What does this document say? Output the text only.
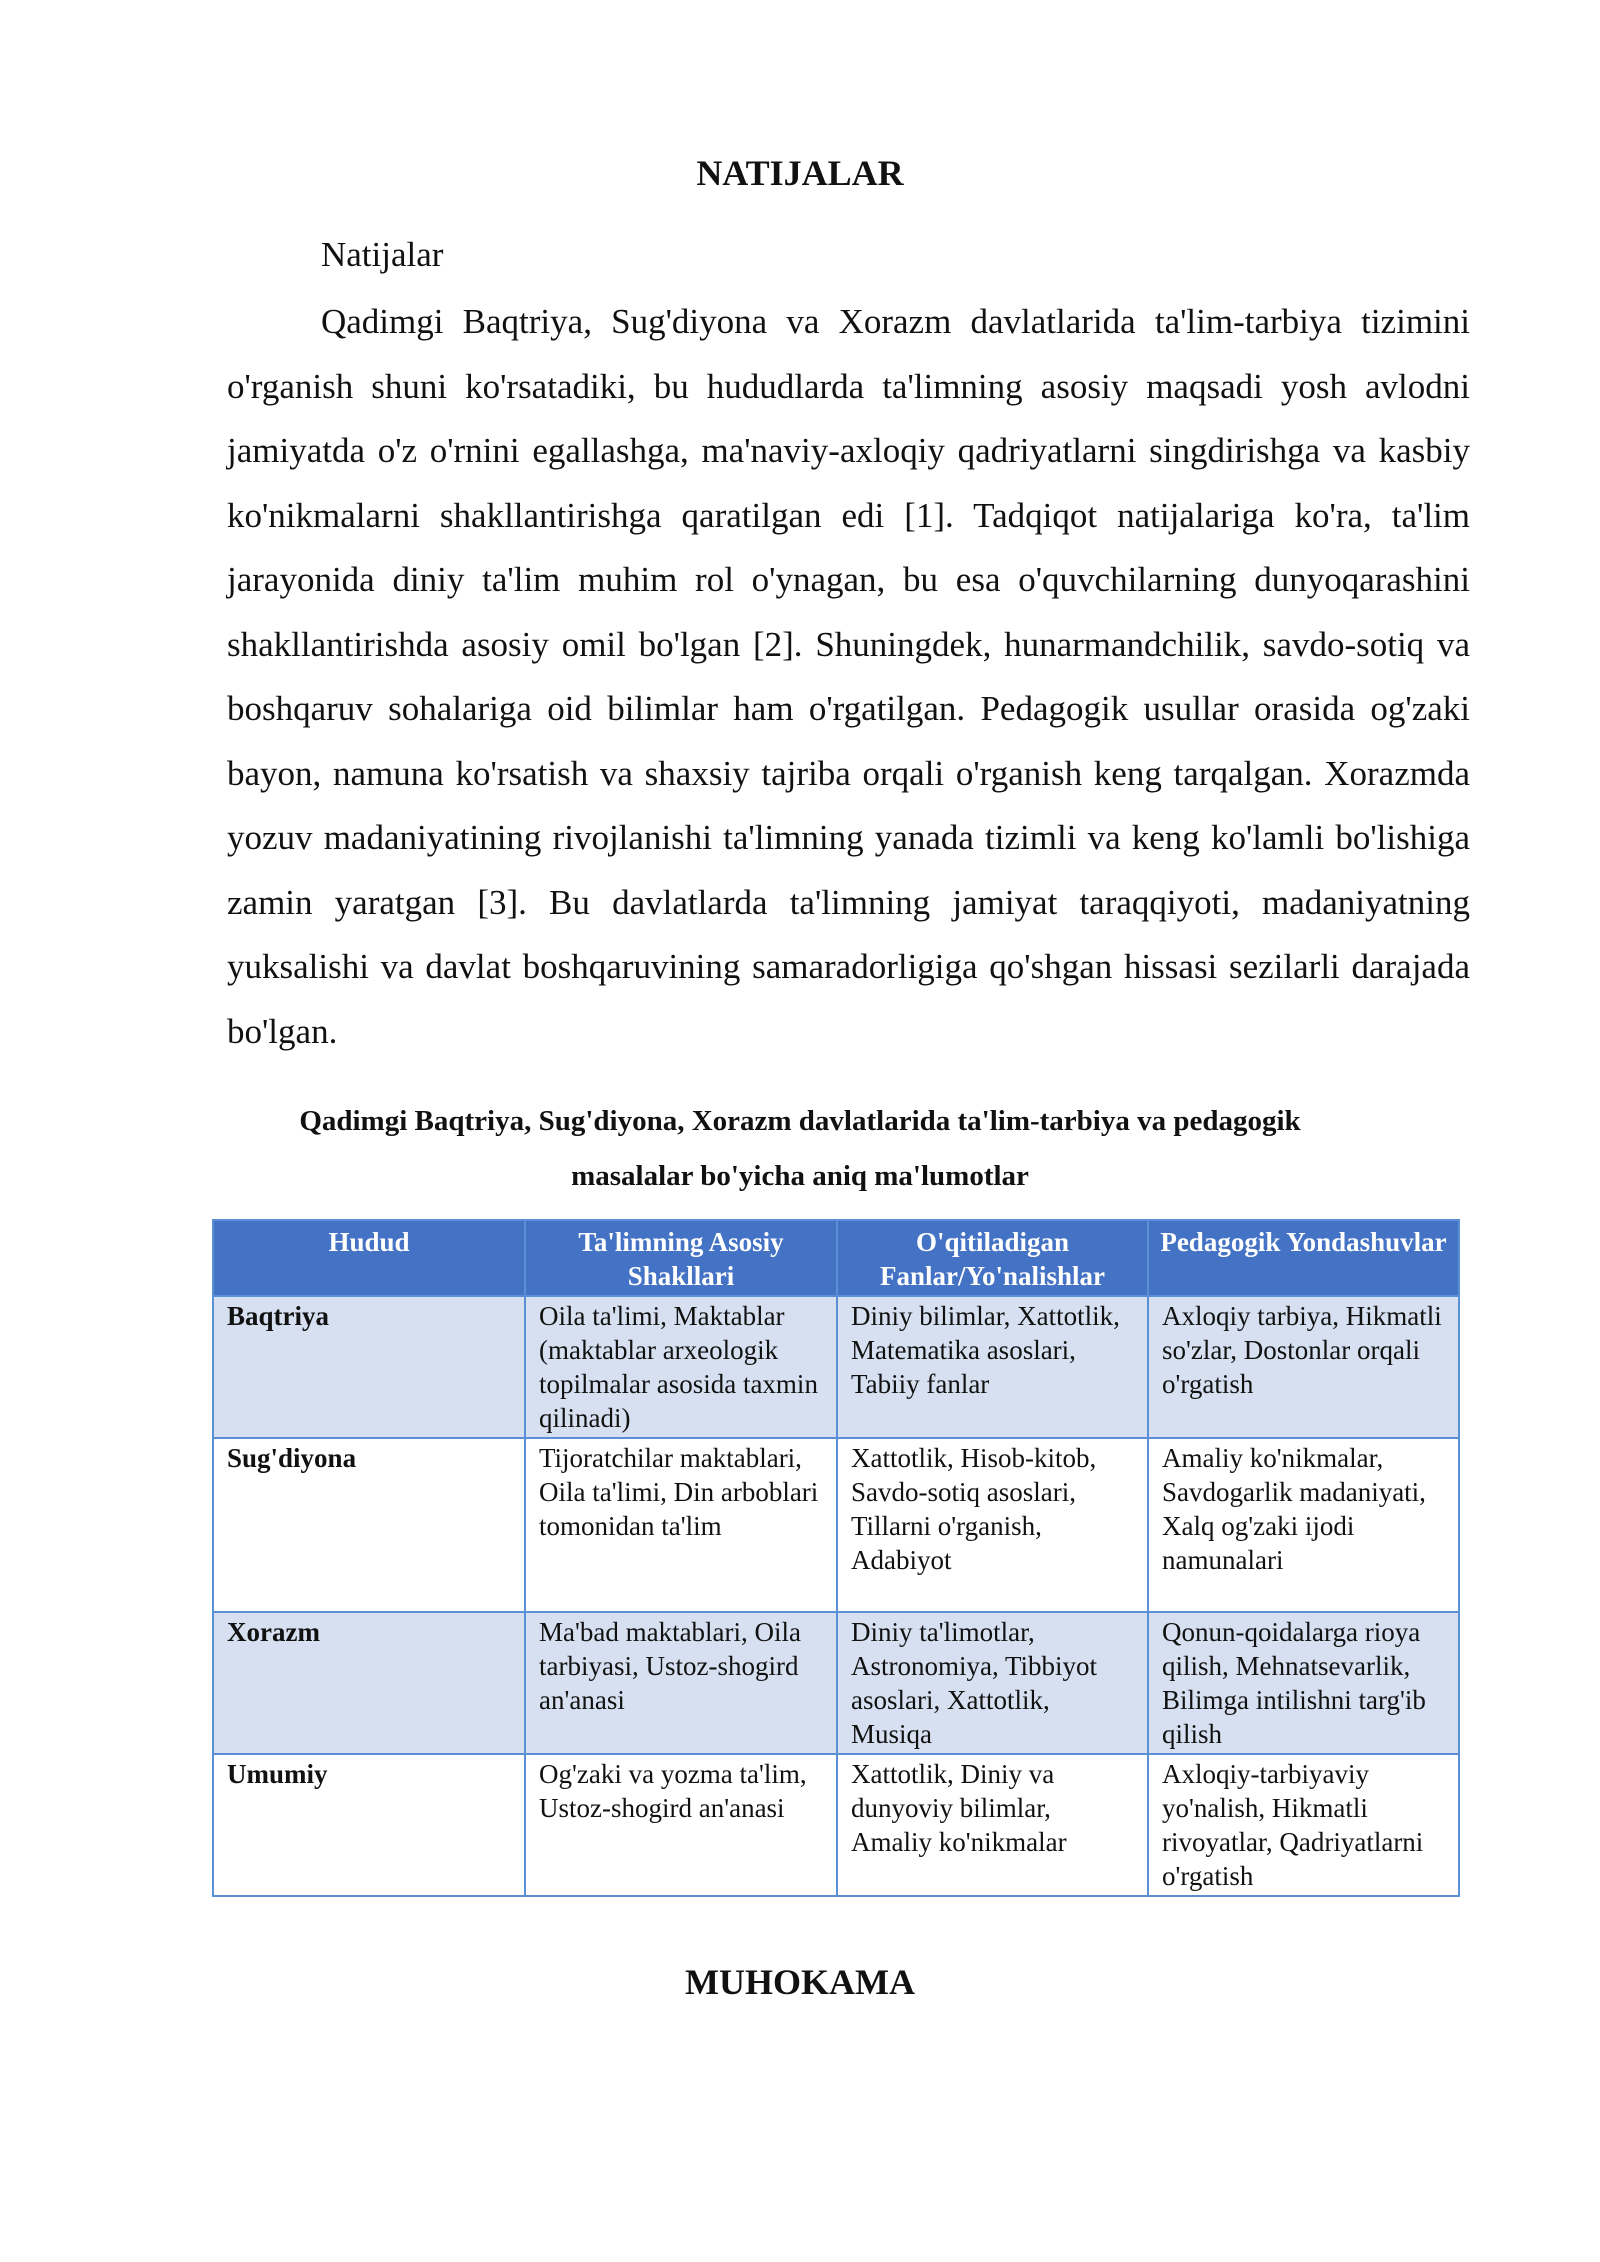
NATIJALAR
Natijalar

Qadimgi Baqtriya, Sug'diyona va Xorazm davlatlarida ta'lim-tarbiya tizimini o'rganish shuni ko'rsatadiki, bu hududlarda ta'limning asosiy maqsadi yosh avlodni jamiyatda o'z o'rnini egallashga, ma'naviy-axloqiy qadriyatlarni singdirishga va kasbiy ko'nikmalarni shakllantirishga qaratilgan edi [1]. Tadqiqot natijalariga ko'ra, ta'lim jarayonida diniy ta'lim muhim rol o'ynagan, bu esa o'quvchilarning dunyoqarashini shakllantirishda asosiy omil bo'lgan [2]. Shuningdek, hunarmandchilik, savdo-sotiq va boshqaruv sohalariga oid bilimlar ham o'rgatilgan. Pedagogik usullar orasida og'zaki bayon, namuna ko'rsatish va shaxsiy tajriba orqali o'rganish keng tarqalgan. Xorazmda yozuv madaniyatining rivojlanishi ta'limning yanada tizimli va keng ko'lamli bo'lishiga zamin yaratgan [3]. Bu davlatlarda ta'limning jamiyat taraqqiyoti, madaniyatning yuksalishi va davlat boshqaruvining samaradorligiga qo'shgan hissasi sezilarli darajada bo'lgan.

Qadimgi Baqtriya, Sug'diyona, Xorazm davlatlarida ta'lim-tarbiya va pedagogik
masalalar bo'yicha aniq ma'lumotlar
Hudud	Ta'limning Asosiy Shakllari	O'qitiladigan Fanlar/Yo'nalishlar	Pedagogik Yondashuvlar
Baqtriya	Oila ta'limi, Maktablar (maktablar arxeologik topilmalar asosida taxmin qilinadi)	Diniy bilimlar, Xattotlik, Matematika asoslari, Tabiiy fanlar	Axloqiy tarbiya, Hikmatli so'zlar, Dostonlar orqali o'rgatish
Sug'diyona	Tijoratchilar maktablari, Oila ta'limi, Din arboblari tomonidan ta'lim	Xattotlik, Hisob-kitob, Savdo-sotiq asoslari, Tillarni o'rganish, Adabiyot	Amaliy ko'nikmalar, Savdogarlik madaniyati, Xalq og'zaki ijodi namunalari
Xorazm	Ma'bad maktablari, Oila tarbiyasi, Ustoz-shogird an'anasi	Diniy ta'limotlar, Astronomiya, Tibbiyot asoslari, Xattotlik, Musiqa	Qonun-qoidalarga rioya qilish, Mehnatsevarlik, Bilimga intilishni targ'ib qilish
Umumiy	Og'zaki va yozma ta'lim, Ustoz-shogird an'anasi	Xattotlik, Diniy va dunyoviy bilimlar, Amaliy ko'nikmalar	Axloqiy-tarbiyaviy yo'nalish, Hikmatli rivoyatlar, Qadriyatlarni o'rgatish
MUHOKAMA
